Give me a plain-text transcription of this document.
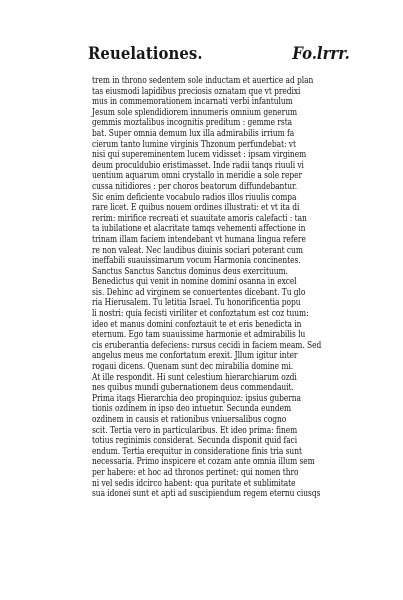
Reuelationes.	Fo.lrrr.
trem in throno sedentem sole inductam et auertice ad plan
tas eiusmodi lapidibus preciosis oznatam que vt predixi
mus in commemorationem incarnati verbi infantulum
Jesum sole splendidiorem innumeris omnium generum
gemmis moztalibus incognitis preditum : gemme rsta
bat. Super omnia demum lux illa admirabilis irrium fa
cierum tanto lumine virginis Thzonum perfundebat: vt
nisi qui supereminentem lucem vidisset : ipsam virginem
deum proculdubio eristimasset. Inde radii tanqs riuuli vi
uentium aquarum omni crystallo in meridie a sole reper
cussa nitidiores : per choros beatorum diffundebantur.
Sic enim deficiente vocabulo radios illos riuulis compa
rare licet. E quibus nouem ordines illustrati: et vt ita di
rerim: mirifice recreati et suauitate amoris calefacti : tan
ta iubilatione et alacritate tamqs vehementi affectione in
trinam illam faciem intendebant vt humana lingua refere
re non valeat. Nec laudibus diuinis sociari poterant cum
ineffabili suauissimarum vocum Harmonia concinentes.
Sanctus Sanctus Sanctus dominus deus exercituum.
Benedictus qui venit in nomine domini osanna in excel
sis. Dehinc ad virginem se conuertentes dicebant. Tu glo
ria Hierusalem. Tu letitia Israel. Tu honorificentia popu
li nostri: quia fecisti viriliter et confoztatum est coz tuum:
ideo et manus domini confoztauit te et eris benedicta in
eternum. Ego tam suauissime harmonie et admirabilis lu
cis eruberantia defeciens: rursus cecidi in faciem meam. Sed
angelus meus me confortatum erexit. Jllum igitur inter
rogaui dicens. Quenam sunt dec mirabilia domine mi.
At ille respondit. Hi sunt celestium hierarchiarum ozdi
nes quibus mundi gubernationem deus commendauit.
Prima itaqs Hierarchia deo propinquioz: ipsius guberna
tionis ozdinem in ipso deo intuetur. Secunda eundem
ozdinem in causis et rationibus vniuersalibus cogno
scit. Tertia vero in particularibus. Et ideo prima: finem
totius reginimis considerat. Secunda disponit quid faci
endum. Tertia erequitur in consideratione finis tria sunt
necessaria. Primo inspicere et cozam ante omnia illum sem
per habere: et hoc ad thronos pertinet: qui nomen thro
ni vel sedis idcirco habent: qua puritate et sublimitate
sua idonei sunt et apti ad suscipiendum regem eternu ciusqs
